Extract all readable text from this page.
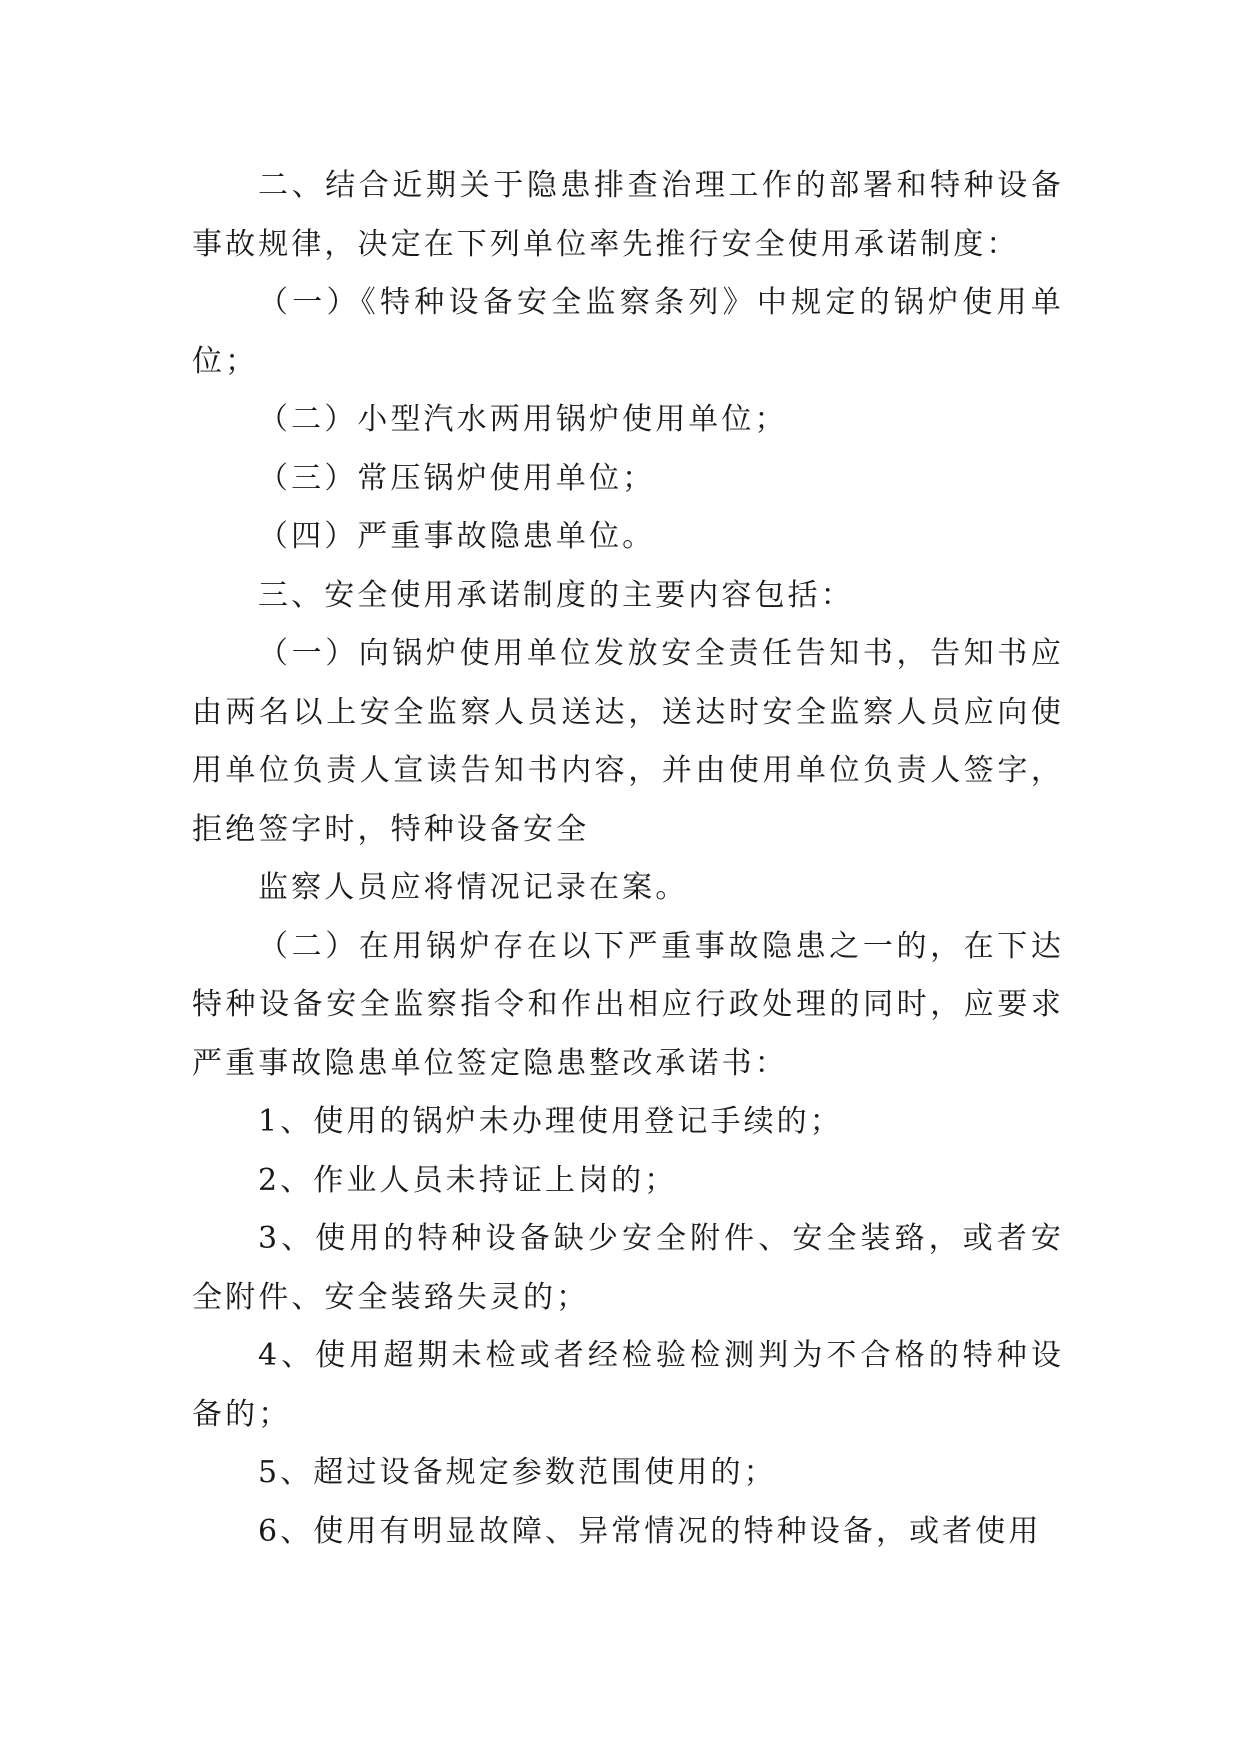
二、结合近期关于隐患排查治理工作的部署和特种设备事故规律，决定在下列单位率先推行安全使用承诺制度：

（一）《特种设备安全监察条列》中规定的锅炉使用单位；

（二）小型汽水两用锅炉使用单位；

（三）常压锅炉使用单位；

（四）严重事故隐患单位。

三、安全使用承诺制度的主要内容包括：

（一）向锅炉使用单位发放安全责任告知书，告知书应由两名以上安全监察人员送达，送达时安全监察人员应向使用单位负责人宣读告知书内容，并由使用单位负责人签字，拒绝签字时，特种设备安全

监察人员应将情况记录在案。

（二）在用锅炉存在以下严重事故隐患之一的，在下达特种设备安全监察指令和作出相应行政处理的同时，应要求严重事故隐患单位签定隐患整改承诺书：

1、使用的锅炉未办理使用登记手续的；

2、作业人员未持证上岗的；

3、使用的特种设备缺少安全附件、安全装臵，或者安全附件、安全装臵失灵的；

4、使用超期未检或者经检验检测判为不合格的特种设备的；

5、超过设备规定参数范围使用的；

6、使用有明显故障、异常情况的特种设备，或者使用
